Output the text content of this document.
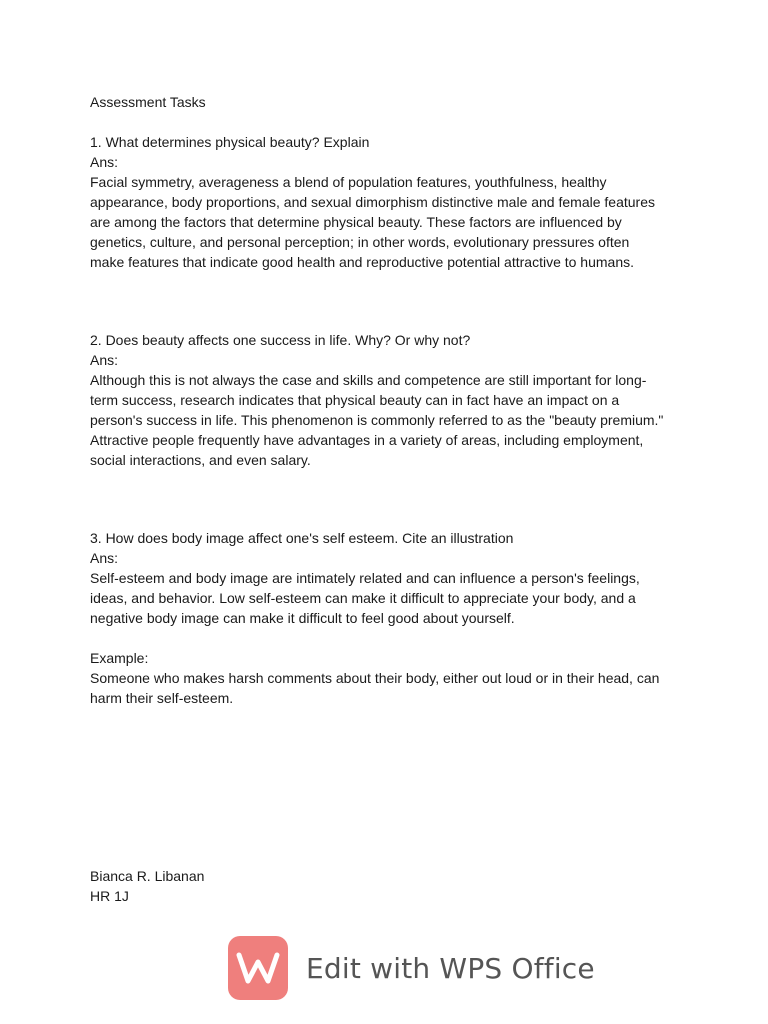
Assessment Tasks
1. What determines physical beauty? Explain
Ans:
Facial symmetry, averageness a blend of population features, youthfulness, healthy
appearance, body proportions, and sexual dimorphism distinctive male and female features
are among the factors that determine physical beauty. These factors are influenced by
genetics, culture, and personal perception; in other words, evolutionary pressures often
make features that indicate good health and reproductive potential attractive to humans.
2. Does beauty affects one success in life. Why? Or why not?
Ans:
Although this is not always the case and skills and competence are still important for long-
term success, research indicates that physical beauty can in fact have an impact on a
person's success in life. This phenomenon is commonly referred to as the "beauty premium."
Attractive people frequently have advantages in a variety of areas, including employment,
social interactions, and even salary.
3. How does body image affect one's self esteem. Cite an illustration
Ans:
Self-esteem and body image are intimately related and can influence a person's feelings,
ideas, and behavior. Low self-esteem can make it difficult to appreciate your body, and a
negative body image can make it difficult to feel good about yourself.
Example:
Someone who makes harsh comments about their body, either out loud or in their head, can
harm their self-esteem.
Bianca R. Libanan
HR 1J
Edit with WPS Office
